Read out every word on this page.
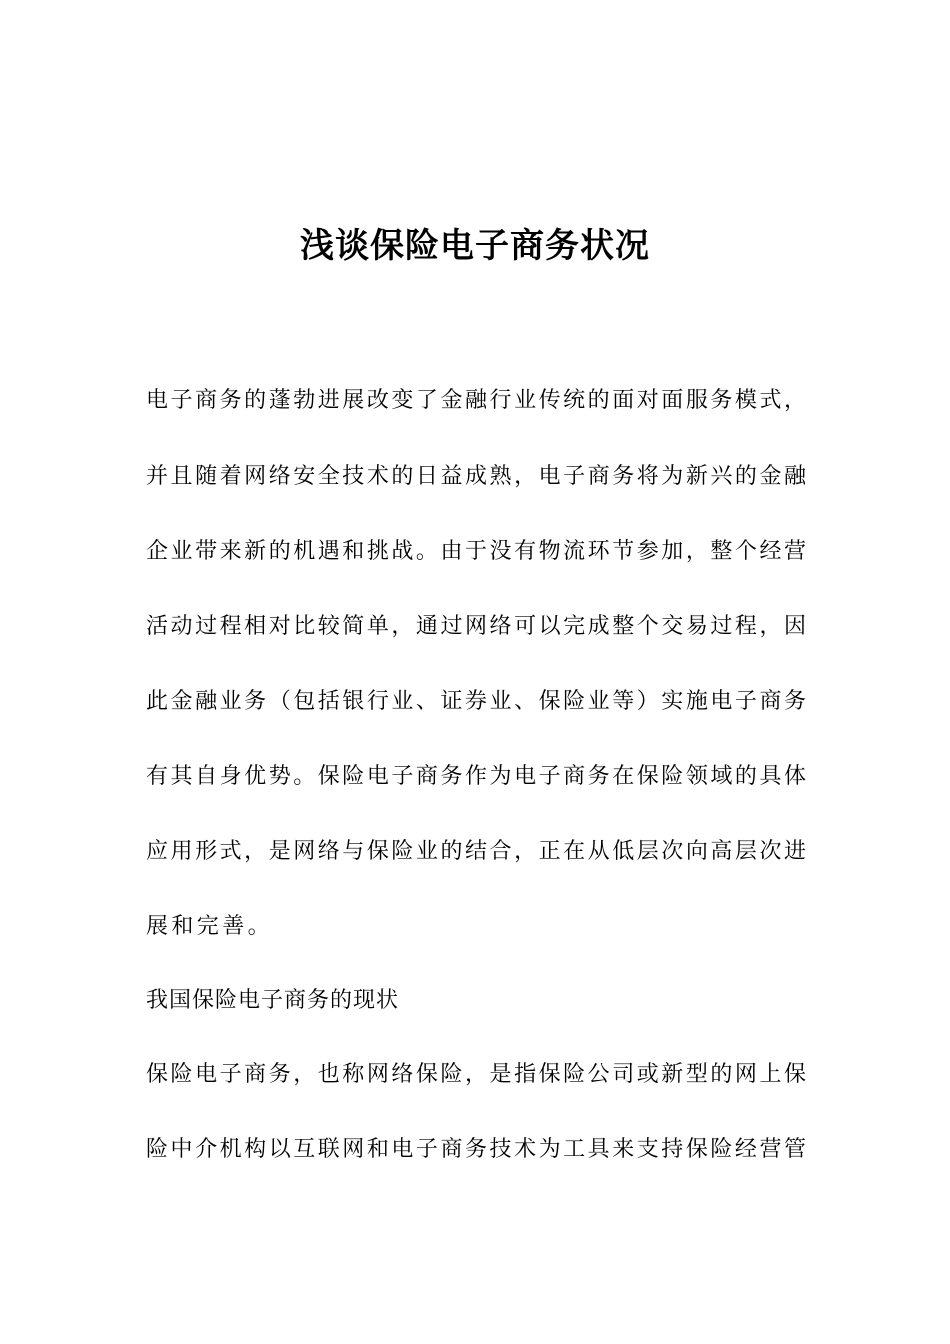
浅谈保险电子商务状况
电子商务的蓬勃进展改变了金融行业传统的面对面服务模式，
并且随着网络安全技术的日益成熟，电子商务将为新兴的金融
企业带来新的机遇和挑战。由于没有物流环节参加，整个经营
活动过程相对比较简单，通过网络可以完成整个交易过程，因
此金融业务（包括银行业、证券业、保险业等）实施电子商务
有其自身优势。保险电子商务作为电子商务在保险领域的具体
应用形式，是网络与保险业的结合，正在从低层次向高层次进
展和完善。
我国保险电子商务的现状
保险电子商务，也称网络保险，是指保险公司或新型的网上保
险中介机构以互联网和电子商务技术为工具来支持保险经营管
